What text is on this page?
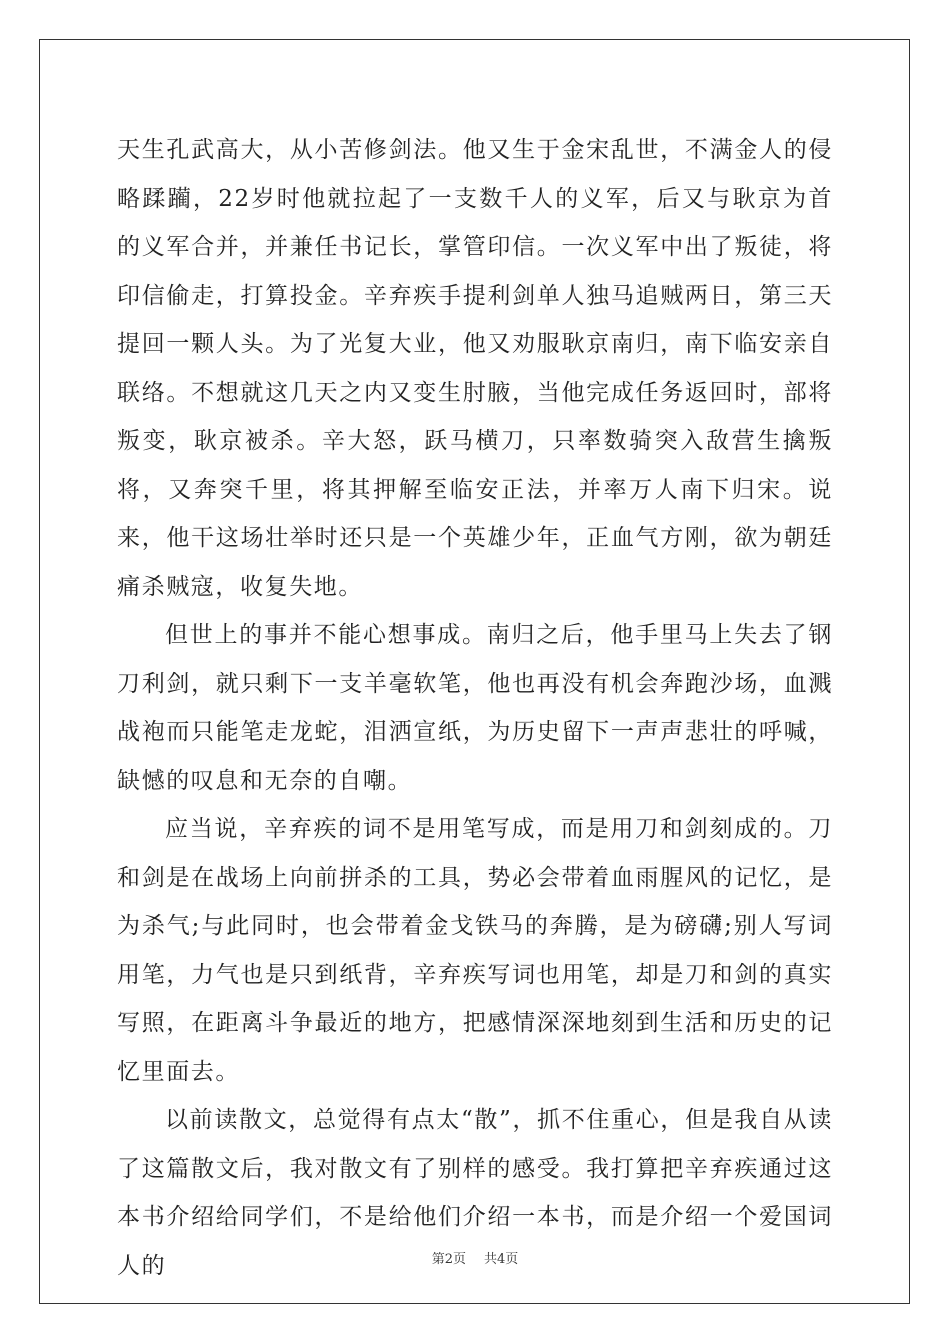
天生孔武高大，从小苦修剑法。他又生于金宋乱世，不满金人的侵略蹂躏，22岁时他就拉起了一支数千人的义军，后又与耿京为首的义军合并，并兼任书记长，掌管印信。一次义军中出了叛徒，将印信偷走，打算投金。辛弃疾手提利剑单人独马追贼两日，第三天提回一颗人头。为了光复大业，他又劝服耿京南归，南下临安亲自联络。不想就这几天之内又变生肘腋，当他完成任务返回时，部将叛变，耿京被杀。辛大怒，跃马横刀，只率数骑突入敌营生擒叛将，又奔突千里，将其押解至临安正法，并率万人南下归宋。说来，他干这场壮举时还只是一个英雄少年，正血气方刚，欲为朝廷痛杀贼寇，收复失地。

但世上的事并不能心想事成。南归之后，他手里马上失去了钢刀利剑，就只剩下一支羊毫软笔，他也再没有机会奔跑沙场，血溅战袍而只能笔走龙蛇，泪洒宣纸，为历史留下一声声悲壮的呼喊，缺憾的叹息和无奈的自嘲。

应当说，辛弃疾的词不是用笔写成，而是用刀和剑刻成的。刀和剑是在战场上向前拼杀的工具，势必会带着血雨腥风的记忆，是为杀气;与此同时，也会带着金戈铁马的奔腾，是为磅礴;别人写词用笔，力气也是只到纸背，辛弃疾写词也用笔，却是刀和剑的真实写照，在距离斗争最近的地方，把感情深深地刻到生活和历史的记忆里面去。

以前读散文，总觉得有点太“散”，抓不住重心，但是我自从读了这篇散文后，我对散文有了别样的感受。我打算把辛弃疾通过这本书介绍给同学们，不是给他们介绍一本书，而是介绍一个爱国词人的	第2页 共4页
